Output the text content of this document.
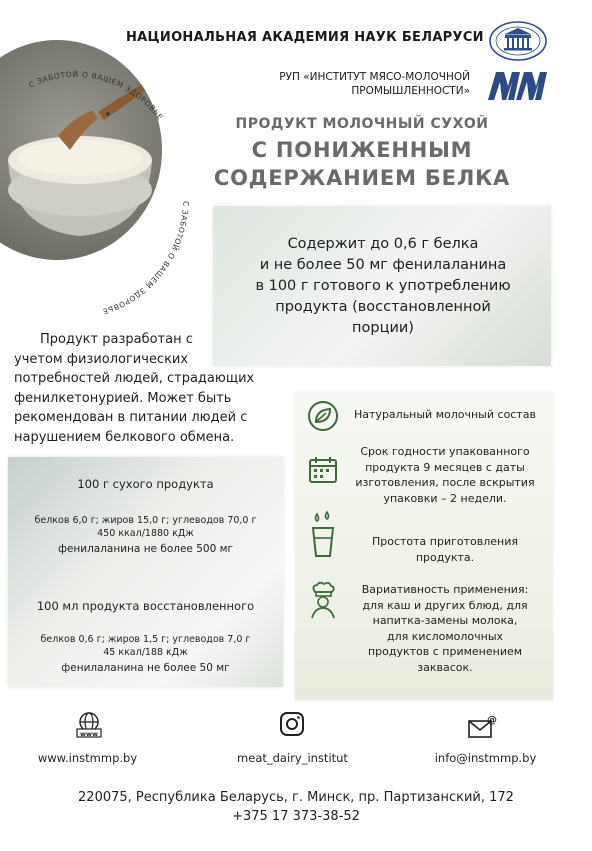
НАЦИОНАЛЬНАЯ АКАДЕМИЯ НАУК БЕЛАРУСИ
РУП «ИНСТИТУТ МЯСО-МОЛОЧНОЙ
ПРОМЫШЛЕННОСТИ»
С ЗАБОТОЙ О ВАШЕМ ЗДОРОВЬЕ
С ЗАБОТОЙ О ВАШЕМ ЗДОРОВЬЕ
ПРОДУКТ МОЛОЧНЫЙ СУХОЙ
С ПОНИЖЕННЫМ
СОДЕРЖАНИЕМ БЕЛКА
Содержит до 0,6 г белка
и не более 50 мг фенилаланина
в 100 г готового к употреблению
продукта (восстановленной
порции)
Продукт разработан с
учетом физиологических
потребностей людей, страдающих
фенилкетонурией. Может быть
рекомендован в питании людей с
нарушением белкового обмена.
100 г сухого продукта
белков 6,0 г; жиров 15,0 г; углеводов 70,0 г
450 ккал/1880 кДж
фенилаланина не более 500 мг
100 мл продукта восстановленного
белков 0,6 г; жиров 1,5 г; углеводов 7,0 г
45 ккал/188 кДж
фенилаланина не более 50 мг
Натуральный молочный состав
Срок годности упакованного
продукта 9 месяцев с даты
изготовления, после вскрытия
упаковки – 2 недели.
Простота приготовления
продукта.
Вариативность применения:
для каш и других блюд, для
напитка-замены молока,
для кисломолочных
продуктов с применением
заквасок.
www
www.instmmp.by	meat_dairy_institut
@
info@instmmp.by
220075, Республика Беларусь, г. Минск, пр. Партизанский, 172
+375 17 373-38-52
